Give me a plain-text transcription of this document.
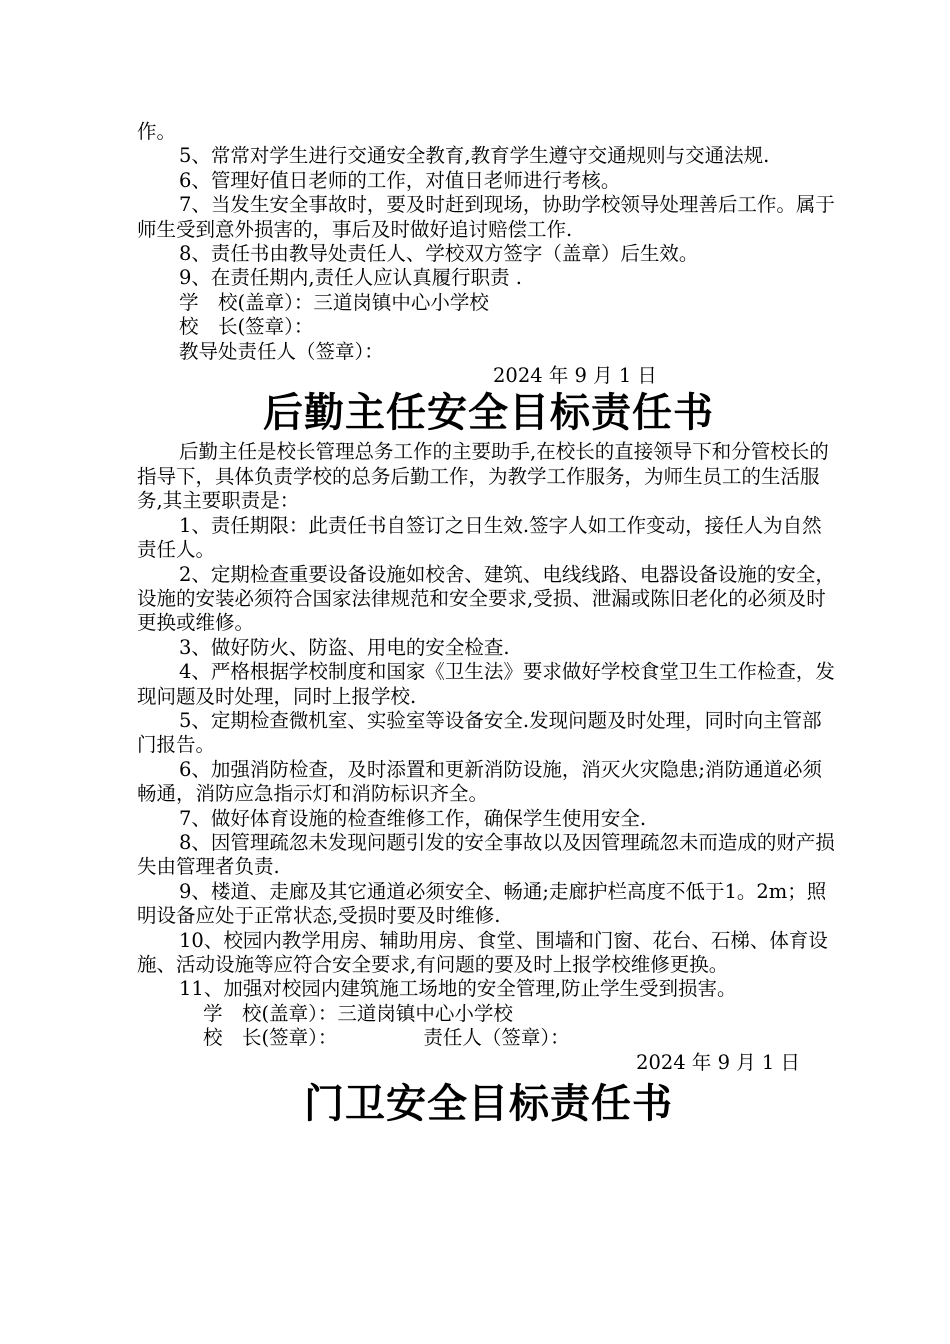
作。

5、常常对学生进行交通安全教育,教育学生遵守交通规则与交通法规.

6、管理好值日老师的工作，对值日老师进行考核。

7、当发生安全事故时，要及时赶到现场，协助学校领导处理善后工作。属于师生受到意外损害的，事后及时做好追讨赔偿工作.

8、责任书由教导处责任人、学校双方签字（盖章）后生效。

9、在责任期内,责任人应认真履行职责 .

学　校(盖章）：三道岗镇中心小学校

校　长(签章）：

教导处责任人（签章）：

2024 年 9 月 1 日

后勤主任安全目标责任书

后勤主任是校长管理总务工作的主要助手,在校长的直接领导下和分管校长的指导下，具体负责学校的总务后勤工作，为教学工作服务，为师生员工的生活服务,其主要职责是：

1、责任期限：此责任书自签订之日生效.签字人如工作变动，接任人为自然责任人。

2、定期检查重要设备设施如校舍、建筑、电线线路、电器设备设施的安全，设施的安装必须符合国家法律规范和安全要求,受损、泄漏或陈旧老化的必须及时更换或维修。

3、做好防火、防盗、用电的安全检查.

4、严格根据学校制度和国家《卫生法》要求做好学校食堂卫生工作检查，发现问题及时处理，同时上报学校.

5、定期检查微机室、实验室等设备安全.发现问题及时处理，同时向主管部门报告。

6、加强消防检查，及时添置和更新消防设施，消灭火灾隐患;消防通道必须畅通，消防应急指示灯和消防标识齐全。

7、做好体育设施的检查维修工作，确保学生使用安全.

8、因管理疏忽未发现问题引发的安全事故以及因管理疏忽未而造成的财产损失由管理者负责.

9、楼道、走廊及其它通道必须安全、畅通;走廊护栏高度不低于1。2m；照明设备应处于正常状态,受损时要及时维修.

10、校园内教学用房、辅助用房、食堂、围墙和门窗、花台、石梯、体育设施、活动设施等应符合安全要求,有问题的要及时上报学校维修更换。

11、加强对校园内建筑施工场地的安全管理,防止学生受到损害。

学　校(盖章）：三道岗镇中心小学校

校　长(签章）：	责任人（签章）：

2024 年 9 月 1 日

门卫安全目标责任书
